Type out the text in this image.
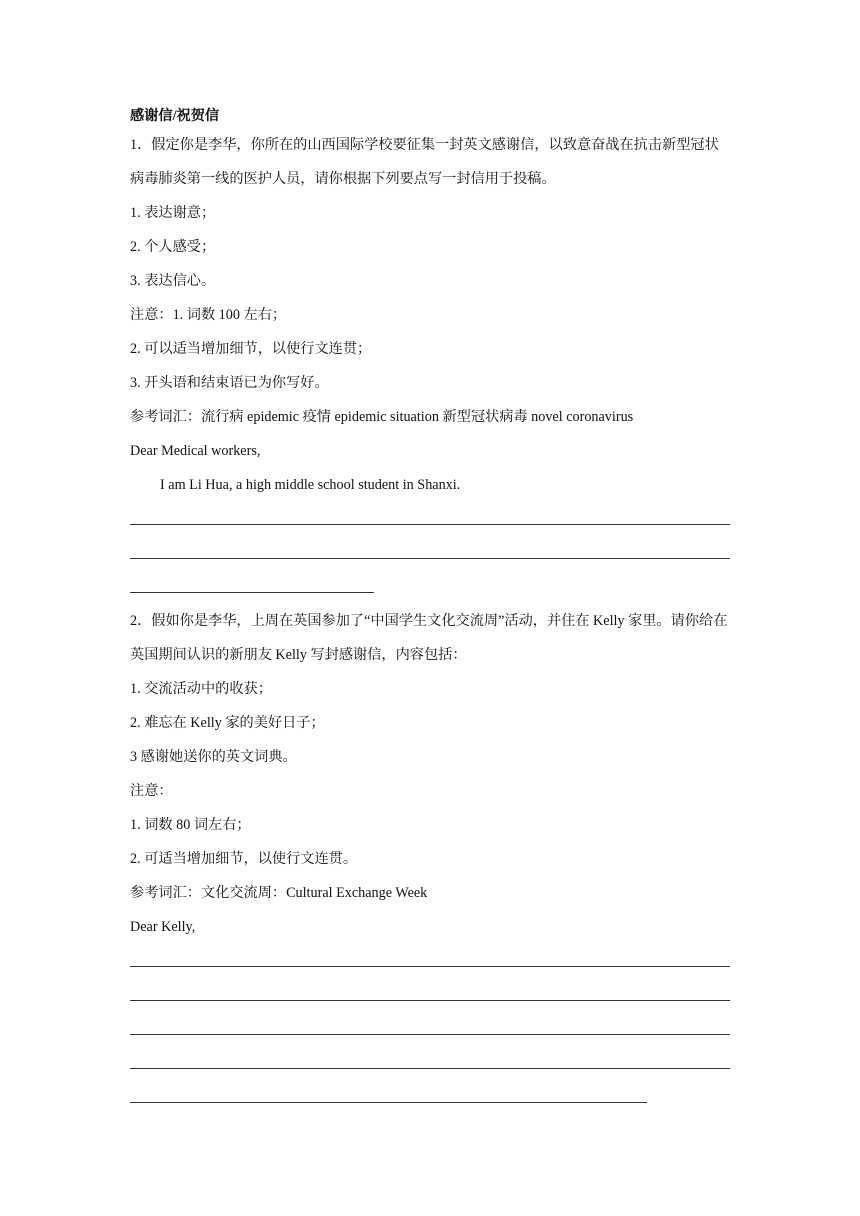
感谢信/祝贺信
1．假定你是李华，你所在的山西国际学校要征集一封英文感谢信，以致意奋战在抗击新型冠状病毒肺炎第一线的医护人员，请你根据下列要点写一封信用于投稿。
1. 表达谢意；
2. 个人感受；
3. 表达信心。
注意：1. 词数 100 左右；
2. 可以适当增加细节，以使行文连贯；
3. 开头语和结束语已为你写好。
参考词汇：流行病 epidemic 疫情 epidemic situation 新型冠状病毒 novel coronavirus
Dear Medical workers,
I am Li Hua, a high middle school student in Shanxi.
2．假如你是李华，上周在英国参加了“中国学生文化交流周”活动，并住在 Kelly 家里。请你给在英国期间认识的新朋友 Kelly 写封感谢信，内容包括：
1. 交流活动中的收获；
2. 难忘在 Kelly 家的美好日子；
3 感谢她送你的英文词典。
注意：
1. 词数 80 词左右；
2. 可适当增加细节，以使行文连贯。
参考词汇：文化交流周：Cultural Exchange Week
Dear Kelly,
